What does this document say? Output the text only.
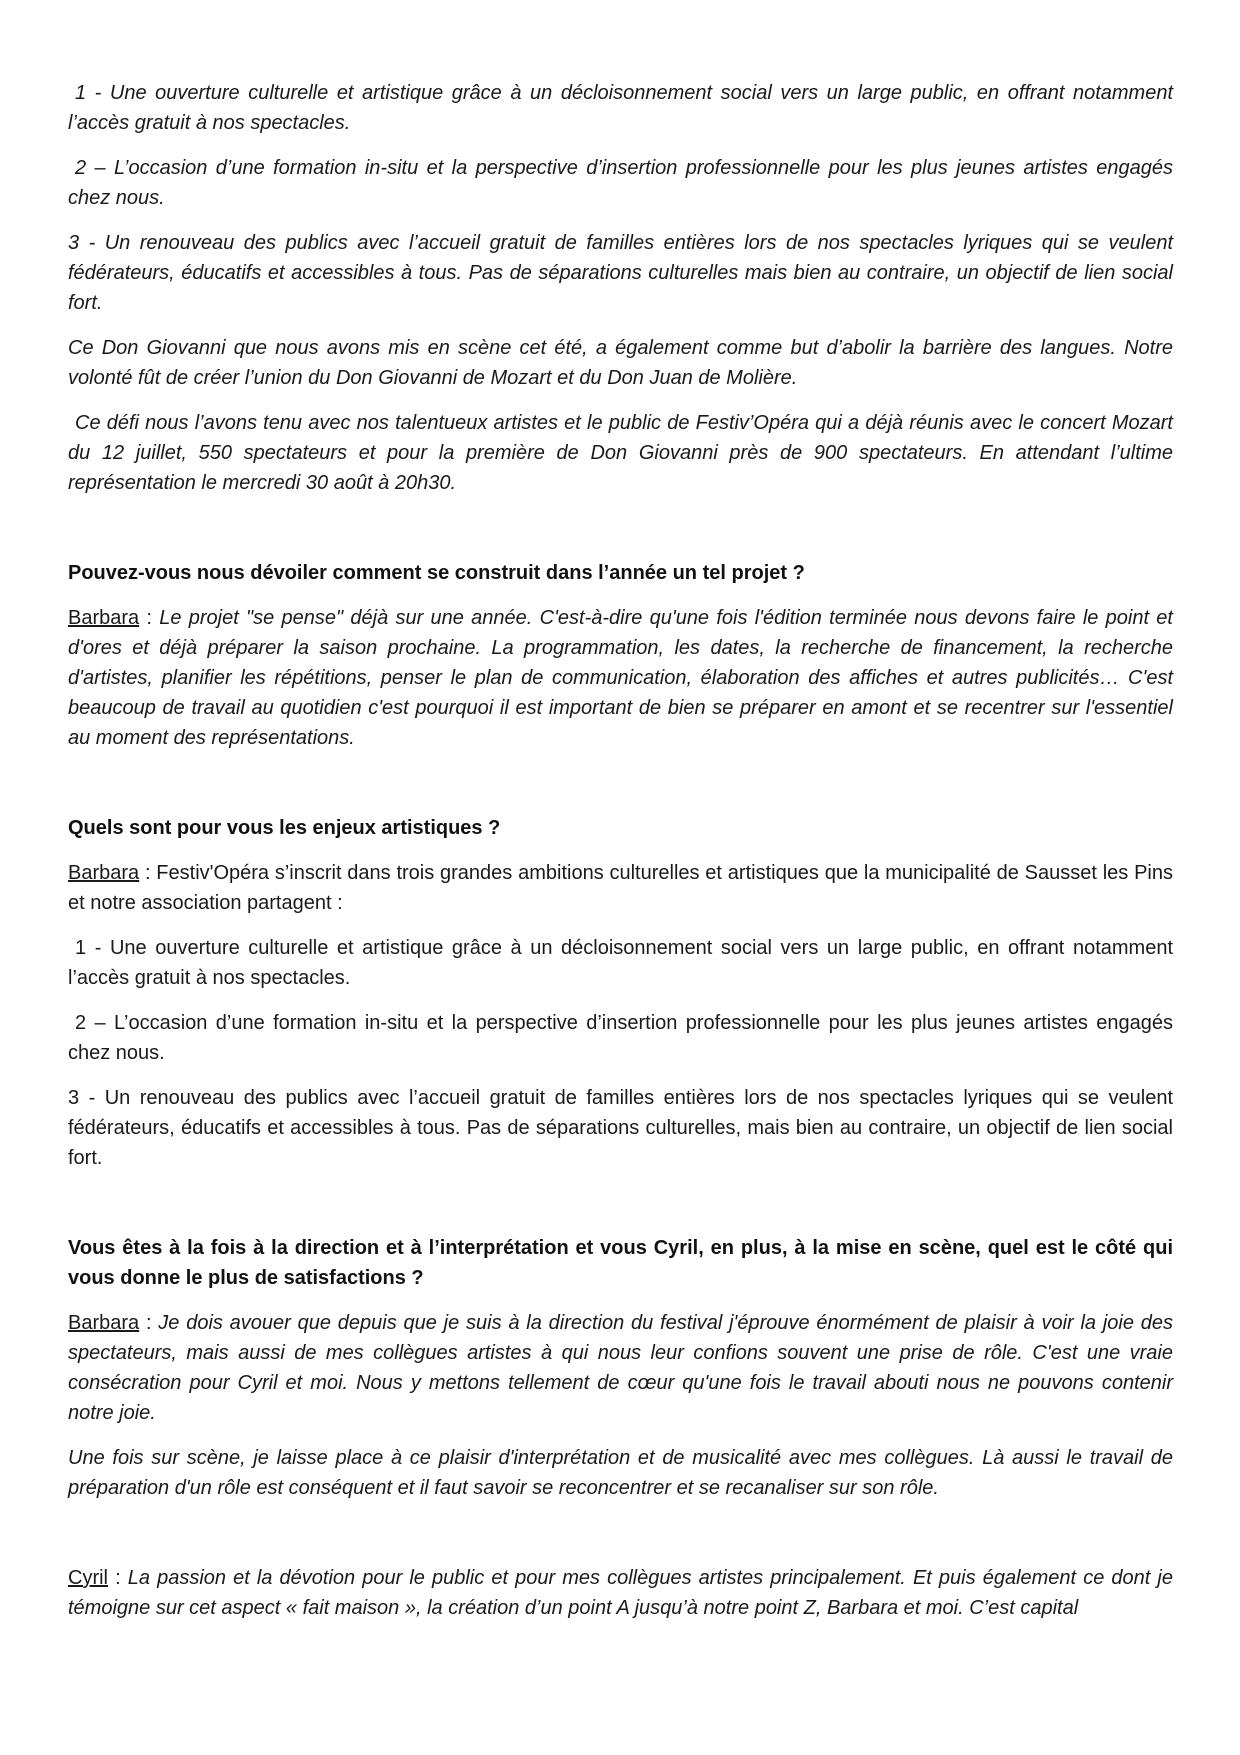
1 - Une ouverture culturelle et artistique grâce à un décloisonnement social vers un large public, en offrant notamment l’accès gratuit à nos spectacles.

2 – L’occasion d’une formation in-situ et la perspective d’insertion professionnelle pour les plus jeunes artistes engagés chez nous.

3 - Un renouveau des publics avec l’accueil gratuit de familles entières lors de nos spectacles lyriques qui se veulent fédérateurs, éducatifs et accessibles à tous. Pas de séparations culturelles mais bien au contraire, un objectif de lien social fort.

Ce Don Giovanni que nous avons mis en scène cet été, a également comme but d’abolir la barrière des langues. Notre volonté fût de créer l’union du Don Giovanni de Mozart et du Don Juan de Molière.

Ce défi nous l’avons tenu avec nos talentueux artistes et le public de Festiv’Opéra qui a déjà réunis avec le concert Mozart du 12 juillet, 550 spectateurs et pour la première de Don Giovanni près de 900 spectateurs. En attendant l’ultime représentation le mercredi 30 août à 20h30.

Pouvez-vous nous dévoiler comment se construit dans l’année un tel projet ?

Barbara : Le projet "se pense" déjà sur une année. C'est-à-dire qu'une fois l'édition terminée nous devons faire le point et d'ores et déjà préparer la saison prochaine. La programmation, les dates, la recherche de financement, la recherche d'artistes, planifier les répétitions, penser le plan de communication, élaboration des affiches et autres publicités… C'est beaucoup de travail au quotidien c'est pourquoi il est important de bien se préparer en amont et se recentrer sur l'essentiel au moment des représentations.

Quels sont pour vous les enjeux artistiques ?

Barbara : Festiv'Opéra s’inscrit dans trois grandes ambitions culturelles et artistiques que la municipalité de Sausset les Pins et notre association partagent :

1 - Une ouverture culturelle et artistique grâce à un décloisonnement social vers un large public, en offrant notamment l’accès gratuit à nos spectacles.

2 – L’occasion d’une formation in-situ et la perspective d’insertion professionnelle pour les plus jeunes artistes engagés chez nous.

3 - Un renouveau des publics avec l’accueil gratuit de familles entières lors de nos spectacles lyriques qui se veulent fédérateurs, éducatifs et accessibles à tous. Pas de séparations culturelles, mais bien au contraire, un objectif de lien social fort.

Vous êtes à la fois à la direction et à l’interprétation et vous Cyril, en plus, à la mise en scène, quel est le côté qui vous donne le plus de satisfactions ?

Barbara : Je dois avouer que depuis que je suis à la direction du festival j'éprouve énormément de plaisir à voir la joie des spectateurs, mais aussi de mes collègues artistes à qui nous leur confions souvent une prise de rôle. C'est une vraie consécration pour Cyril et moi. Nous y mettons tellement de cœur qu'une fois le travail abouti nous ne pouvons contenir notre joie.

Une fois sur scène, je laisse place à ce plaisir d'interprétation et de musicalité avec mes collègues. Là aussi le travail de préparation d'un rôle est conséquent et il faut savoir se reconcentrer et se recanaliser sur son rôle.

Cyril : La passion et la dévotion pour le public et pour mes collègues artistes principalement. Et puis également ce dont je témoigne sur cet aspect « fait maison », la création d’un point A jusqu’à notre point Z, Barbara et moi. C’est capital
